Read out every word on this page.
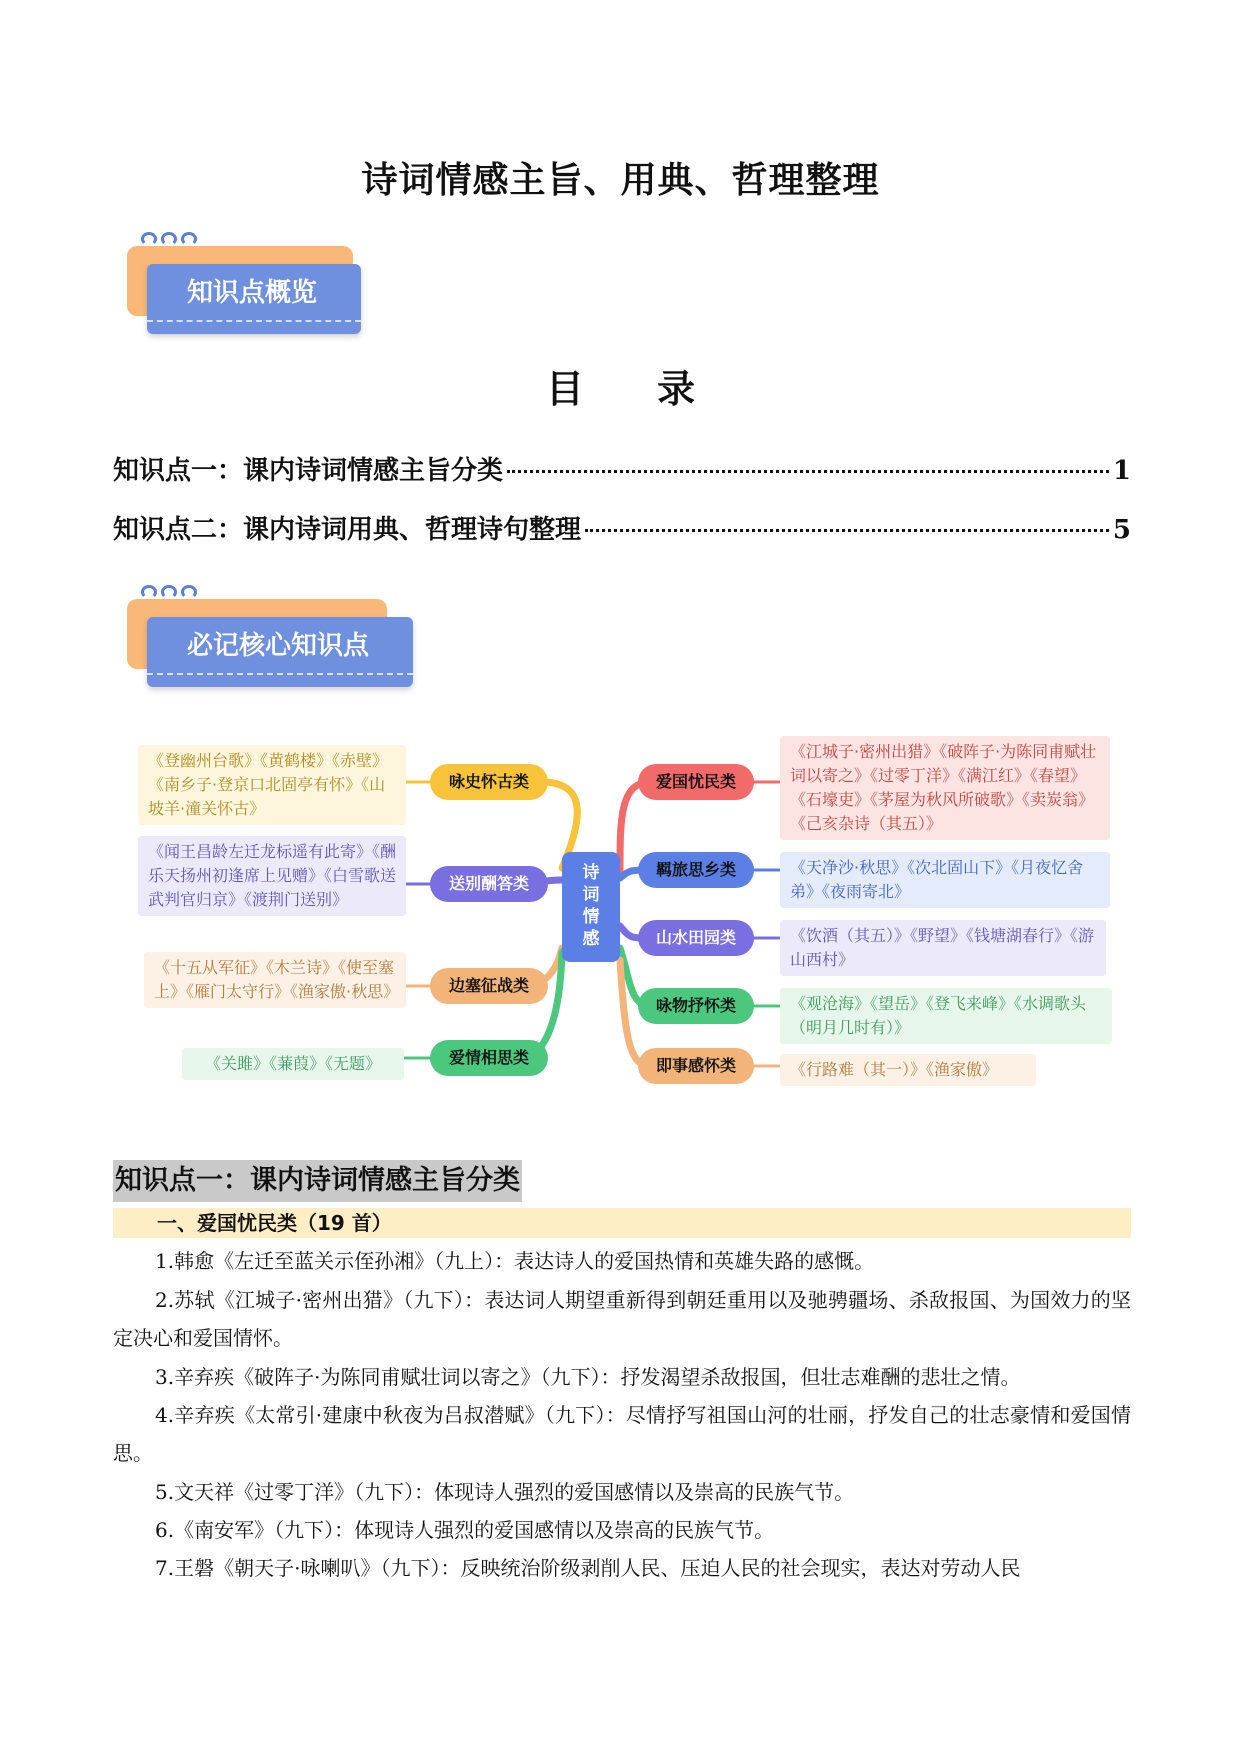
诗词情感主旨、用典、哲理整理
知识点概览
目 录
知识点一：课内诗词情感主旨分类	1
知识点二：课内诗词用典、哲理诗句整理	5
必记核心知识点
诗
词
情
感
咏史怀古类
《登幽州台歌》《黄鹤楼》《赤壁》《南乡子·登京口北固亭有怀》《山坡羊·潼关怀古》
送别酬答类
《闻王昌龄左迁龙标遥有此寄》《酬乐天扬州初逢席上见赠》《白雪歌送武判官归京》《渡荆门送别》
边塞征战类
《十五从军征》《木兰诗》《使至塞上》《雁门太守行》《渔家傲·秋思》
爱情相思类
《关雎》《蒹葭》《无题》
爱国忧民类
《江城子·密州出猎》《破阵子·为陈同甫赋壮词以寄之》《过零丁洋》《满江红》《春望》《石壕吏》《茅屋为秋风所破歌》《卖炭翁》《己亥杂诗（其五）》
羁旅思乡类	《天净沙·秋思》《次北固山下》《月夜忆舍弟》《夜雨寄北》
山水田园类	《饮酒（其五）》《野望》《钱塘湖春行》《游山西村》
咏物抒怀类	《观沧海》《望岳》《登飞来峰》《水调歌头（明月几时有）》
即事感怀类	《行路难（其一）》《渔家傲》
知识点一：课内诗词情感主旨分类
一、爱国忧民类（19 首）
1.韩愈《左迁至蓝关示侄孙湘》（九上）：表达诗人的爱国热情和英雄失路的感慨。
2.苏轼《江城子·密州出猎》（九下）：表达词人期望重新得到朝廷重用以及驰骋疆场、杀敌报国、为国效力的坚定决心和爱国情怀。
3.辛弃疾《破阵子·为陈同甫赋壮词以寄之》（九下）：抒发渴望杀敌报国，但壮志难酬的悲壮之情。
4.辛弃疾《太常引·建康中秋夜为吕叔潜赋》（九下）：尽情抒写祖国山河的壮丽，抒发自己的壮志豪情和爱国情思。
5.文天祥《过零丁洋》（九下）：体现诗人强烈的爱国感情以及崇高的民族气节。
6.《南安军》（九下）：体现诗人强烈的爱国感情以及崇高的民族气节。
7.王磐《朝天子·咏喇叭》（九下）：反映统治阶级剥削人民、压迫人民的社会现实，表达对劳动人民
